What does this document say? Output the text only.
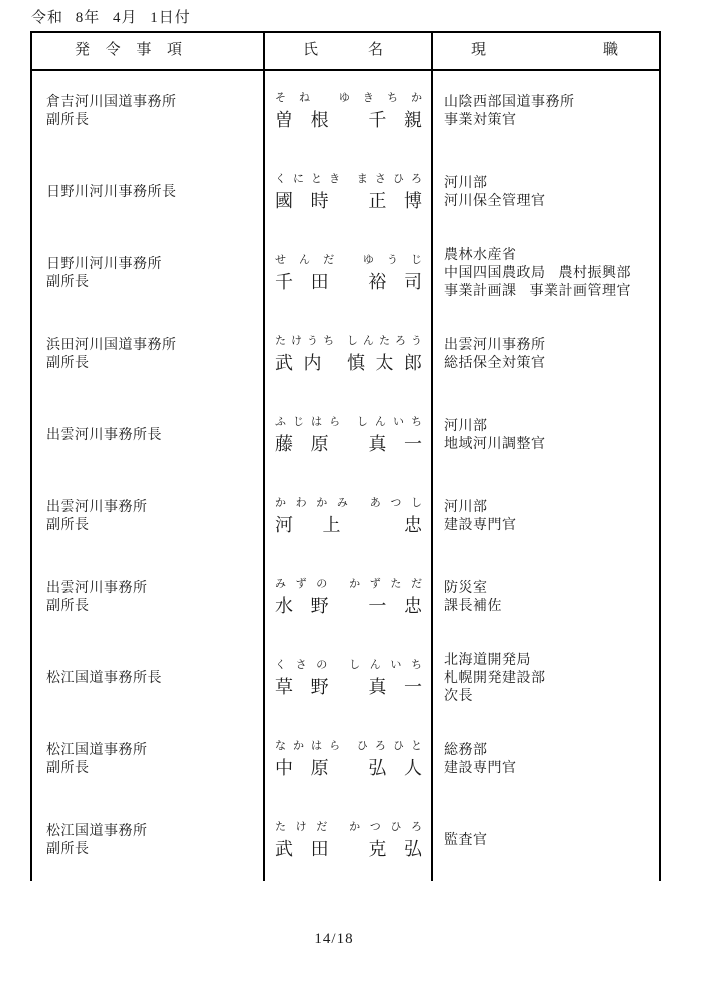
令和 8年 4月 1日付
発令事項	氏名	現職
倉吉河川国道事務所
副所長
そね ゆきちか
曽根 千親
山陰西部国道事務所
事業対策官
日野川河川事務所長
くにとき まさひろ
國時 正博
河川部
河川保全管理官
日野川河川事務所
副所長
せんだ ゆうじ
千田 裕司
農林水産省
中国四国農政局 農村振興部
事業計画課 事業計画管理官
浜田河川国道事務所
副所長
たけうち しんたろう
武内 慎太郎
出雲河川事務所
総括保全対策官
出雲河川事務所長
ふじはら しんいち
藤原 真一
河川部
地域河川調整官
出雲河川事務所
副所長
かわかみ あつし
河上 忠
河川部
建設専門官
出雲河川事務所
副所長
みずの かずただ
水野 一忠
防災室
課長補佐
松江国道事務所長
くさの しんいち
草野 真一
北海道開発局
札幌開発建設部
次長
松江国道事務所
副所長
なかはら ひろひと
中原 弘人
総務部
建設専門官
松江国道事務所
副所長
たけだ かつひろ
武田 克弘 監査官
14/18
